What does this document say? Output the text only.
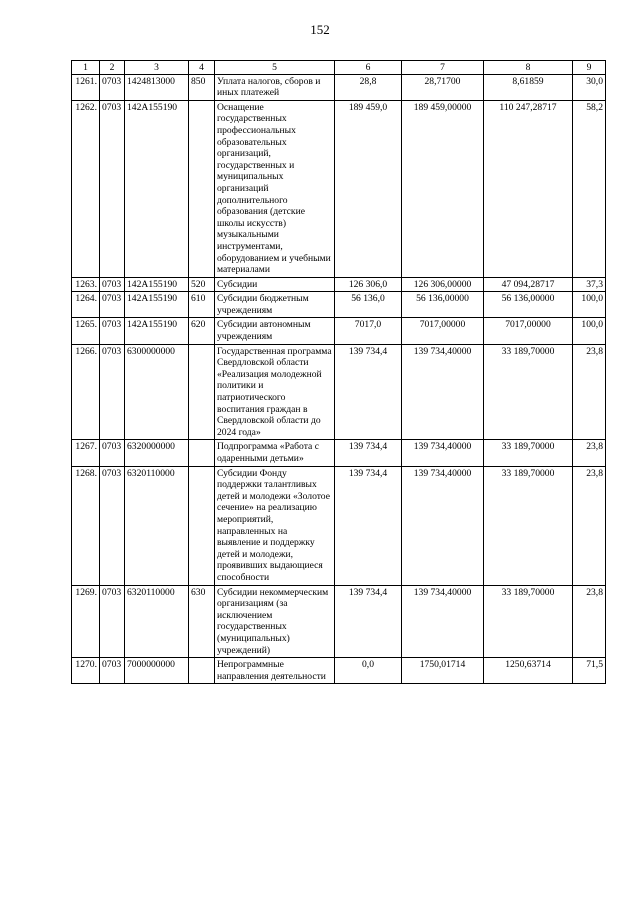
152
1	2	3	4	5	6	7	8	9
1261.	0703	1424813000	850	Уплата налогов, сборов и иных платежей	28,8	28,71700	8,61859	30,0
1262.	0703	142A155190		Оснащение государственных профессиональных образовательных организаций, государственных и муниципальных организаций дополнительного образования (детские школы искусств) музыкальными инструментами, оборудованием и учебными материалами	189 459,0	189 459,00000	110 247,28717	58,2
1263.	0703	142A155190	520	Субсидии	126 306,0	126 306,00000	47 094,28717	37,3
1264.	0703	142A155190	610	Субсидии бюджетным учреждениям	56 136,0	56 136,00000	56 136,00000	100,0
1265.	0703	142A155190	620	Субсидии автономным учреждениям	7017,0	7017,00000	7017,00000	100,0
1266.	0703	6300000000		Государственная программа Свердловской области «Реализация молодежной политики и патриотического воспитания граждан в Свердловской области до 2024 года»	139 734,4	139 734,40000	33 189,70000	23,8
1267.	0703	6320000000		Подпрограмма «Работа с одаренными детьми»	139 734,4	139 734,40000	33 189,70000	23,8
1268.	0703	6320110000		Субсидии Фонду поддержки талантливых детей и молодежи «Золотое сечение» на реализацию мероприятий, направленных на выявление и поддержку детей и молодежи, проявивших выдающиеся способности	139 734,4	139 734,40000	33 189,70000	23,8
1269.	0703	6320110000	630	Субсидии некоммерческим организациям (за исключением государственных (муниципальных) учреждений)	139 734,4	139 734,40000	33 189,70000	23,8
1270.	0703	7000000000		Непрограммные направления деятельности	0,0	1750,01714	1250,63714	71,5
